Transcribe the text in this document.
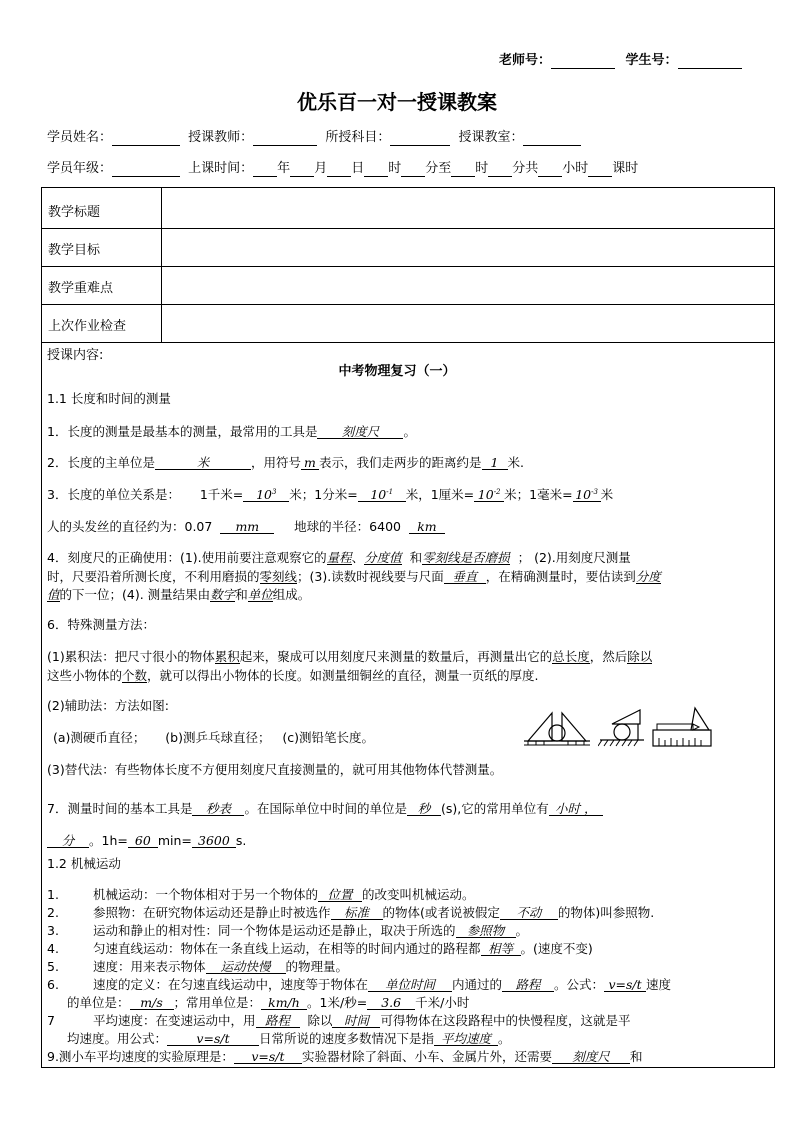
老师号：	学生号：
优乐百一对一授课教案
学员姓名：	授课教师：	所授科目：	授课教室：
学员年级：	上课时间： 年 月 日 时 分至 时 分共 小时 课时
教学标题
教学目标
教学重难点
上次作业检查
授课内容:
中考物理复习（一）
1.1 长度和时间的测量
1．长度的测量是最基本的测量，最常用的工具是 刻度尺 。
2．长度的主单位是	米	，用符号 m 表示，我们走两步的距离约是 1 米.
3．长度的单位关系是： 1千米= $10^3$ 米；1分米= $10^{-1}$ 米，1厘米= $10^{-2}$ 米；1毫米= $10^{-3}$ 米
人的头发丝的直径约为：0.07 mm	地球的半径：6400 km
4．刻度尺的正确使用：(1).使用前要注意观察它的量程、分度值 和零刻线是否磨损 ； (2).用刻度尺测量
时，尺要沿着所测长度，不利用磨损的零刻线；(3).读数时视线要与尺面 垂直 ，在精确测量时，要估读到分度
值的下一位；(4). 测量结果由数字和单位组成。
6．特殊测量方法：
(1)累积法：把尺寸很小的物体累积起来，聚成可以用刻度尺来测量的数量后，再测量出它的总长度，然后除以
这些小物体的个数，就可以得出小物体的长度。如测量细铜丝的直径，测量一页纸的厚度.
(2)辅助法：方法如图:
(a)测硬币直径； (b)测乒乓球直径； (c)测铅笔长度。
(3)替代法：有些物体长度不方便用刻度尺直接测量的，就可用其他物体代替测量。
7．测量时间的基本工具是 秒表 。在国际单位中时间的单位是 秒 (s),它的常用单位有 小时 ，
分 。1h= 60 min= 3600 s.
1.2 机械运动
1.	机械运动：一个物体相对于另一个物体的 位置 的改变叫机械运动。
2.	参照物：在研究物体运动还是静止时被选作 标准 的物体(或者说被假定 不动 的物体)叫参照物.
3.	运动和静止的相对性：同一个物体是运动还是静止，取决于所选的 参照物 。
4.	匀速直线运动：物体在一条直线上运动，在相等的时间内通过的路程都 相等 。(速度不变)
5.	速度：用来表示物体 运动快慢 的物理量。
6.	速度的定义：在匀速直线运动中，速度等于物体在 单位时间 内通过的 路程 。公式： v=s/t 速度
的单位是： m/s ；常用单位是： km/h 。1米/秒= 3.6 千米/小时
7	平均速度：在变速运动中，用 路程 除以 时间 可得物体在这段路程中的快慢程度，这就是平
均速度。用公式： v=s/t 日常所说的速度多数情况下是指 平均速度 。
9.测小车平均速度的实验原理是： v=s/t 实验器材除了斜面、小车、金属片外，还需要 刻度尺 和
